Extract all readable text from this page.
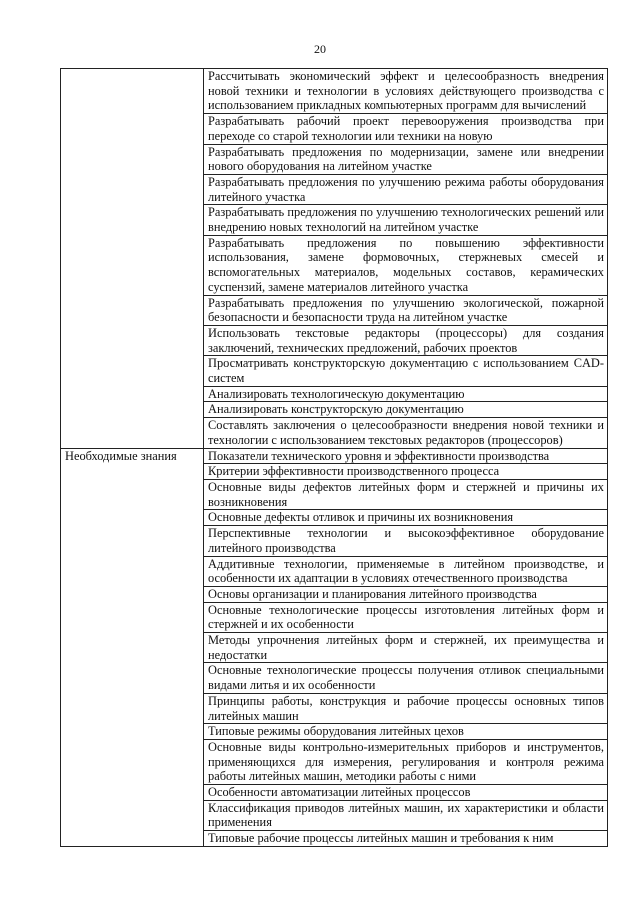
20
	Рассчитывать экономический эффект и целесообразность внедрения новой техники и технологии в условиях действующего производства с использованием прикладных компьютерных программ для вычислений
	Разрабатывать рабочий проект перевооружения производства при переходе со старой технологии или техники на новую
	Разрабатывать предложения по модернизации, замене или внедрении нового оборудования на литейном участке
	Разрабатывать предложения по улучшению режима работы оборудования литейного участка
	Разрабатывать предложения по улучшению технологических решений или внедрению новых технологий на литейном участке
	Разрабатывать предложения по повышению эффективности использования, замене формовочных, стержневых смесей и вспомогательных материалов, модельных составов, керамических суспензий, замене материалов литейного участка
	Разрабатывать предложения по улучшению экологической, пожарной безопасности и безопасности труда на литейном участке
	Использовать текстовые редакторы (процессоры) для создания заключений, технических предложений, рабочих проектов
	Просматривать конструкторскую документацию с использованием CAD-систем
	Анализировать технологическую документацию
	Анализировать конструкторскую документацию
	Составлять заключения о целесообразности внедрения новой техники и технологии с использованием текстовых редакторов (процессоров)
Необходимые знания	Показатели технического уровня и эффективности производства
	Критерии эффективности производственного процесса
	Основные виды дефектов литейных форм и стержней и причины их возникновения
	Основные дефекты отливок и причины их возникновения
	Перспективные технологии и высокоэффективное оборудование литейного производства
	Аддитивные технологии, применяемые в литейном производстве, и особенности их адаптации в условиях отечественного производства
	Основы организации и планирования литейного производства
	Основные технологические процессы изготовления литейных форм и стержней и их особенности
	Методы упрочнения литейных форм и стержней, их преимущества и недостатки
	Основные технологические процессы получения отливок специальными видами литья и их особенности
	Принципы работы, конструкция и рабочие процессы основных типов литейных машин
	Типовые режимы оборудования литейных цехов
	Основные виды контрольно-измерительных приборов и инструментов, применяющихся для измерения, регулирования и контроля режима работы литейных машин, методики работы с ними
	Особенности автоматизации литейных процессов
	Классификация приводов литейных машин, их характеристики и области применения
	Типовые рабочие процессы литейных машин и требования к ним
